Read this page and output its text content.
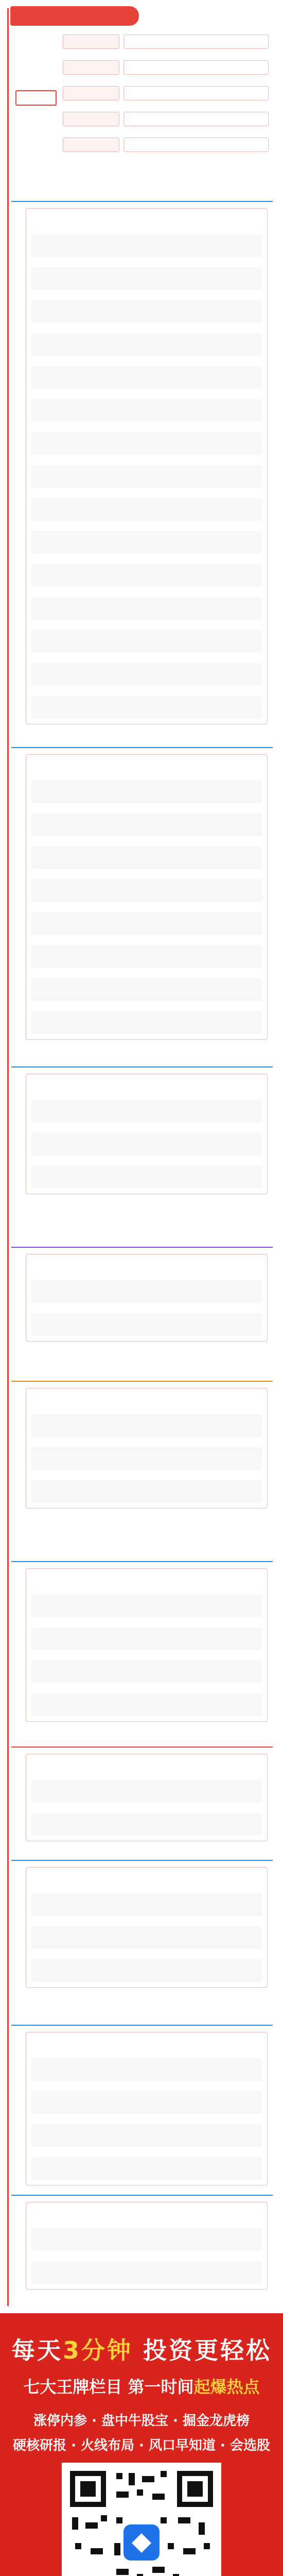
每天3分钟 投资更轻松
七大王牌栏目 第一时间起爆热点
涨停内参 · 盘中牛股宝 · 掘金龙虎榜
硬核研报 · 火线布局 · 风口早知道 · 会选股
